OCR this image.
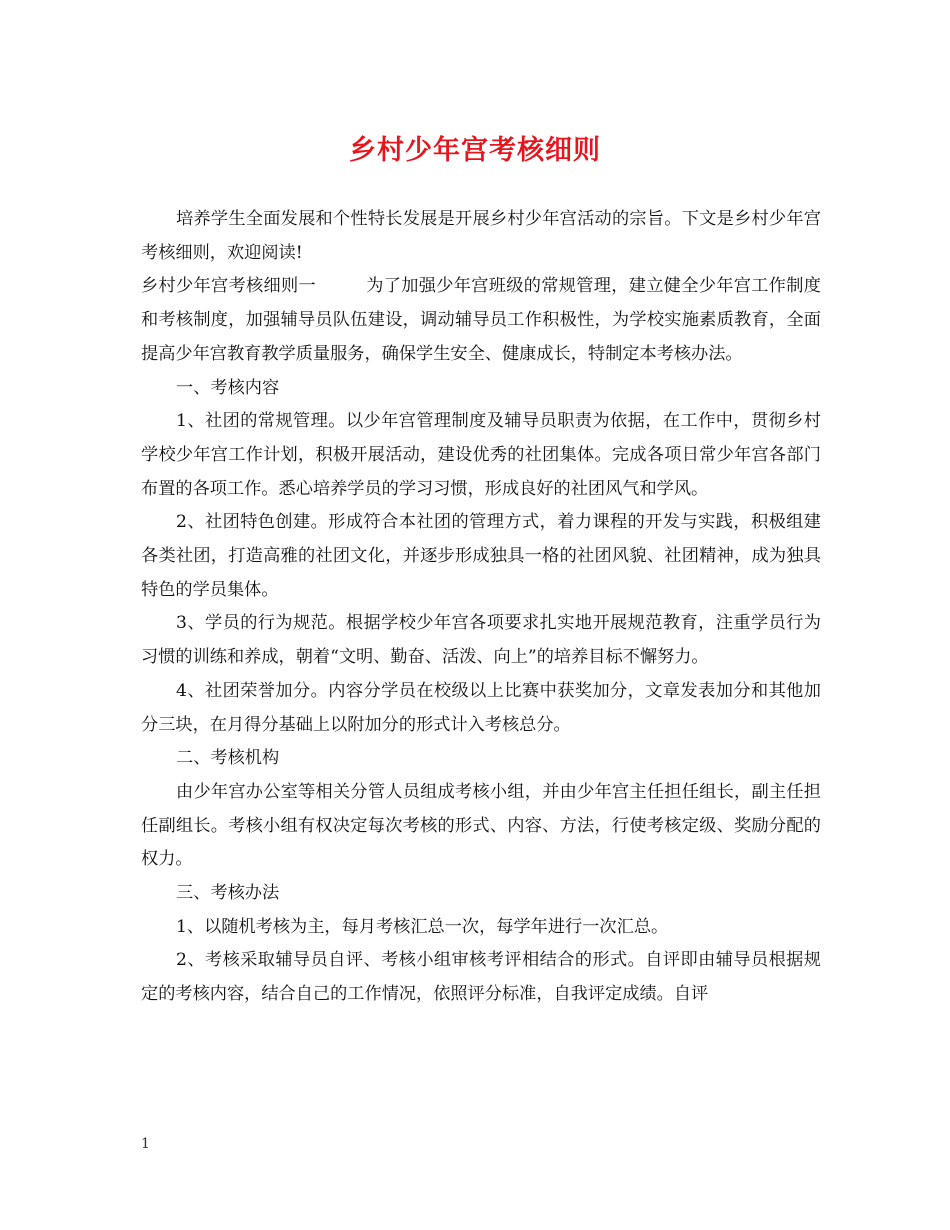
乡村少年宫考核细则

培养学生全面发展和个性特长发展是开展乡村少年宫活动的宗旨。下文是乡村少年宫考核细则，欢迎阅读!

乡村少年宫考核细则一	为了加强少年宫班级的常规管理，建立健全少年宫工作制度和考核制度，加强辅导员队伍建设，调动辅导员工作积极性，为学校实施素质教育，全面提高少年宫教育教学质量服务，确保学生安全、健康成长，特制定本考核办法。

一、考核内容

1、社团的常规管理。以少年宫管理制度及辅导员职责为依据，在工作中，贯彻乡村学校少年宫工作计划，积极开展活动，建设优秀的社团集体。完成各项日常少年宫各部门布置的各项工作。悉心培养学员的学习习惯，形成良好的社团风气和学风。

2、社团特色创建。形成符合本社团的管理方式，着力课程的开发与实践，积极组建各类社团，打造高雅的社团文化，并逐步形成独具一格的社团风貌、社团精神，成为独具特色的学员集体。

3、学员的行为规范。根据学校少年宫各项要求扎实地开展规范教育，注重学员行为习惯的训练和养成，朝着“文明、勤奋、活泼、向上”的培养目标不懈努力。

4、社团荣誉加分。内容分学员在校级以上比赛中获奖加分，文章发表加分和其他加分三块，在月得分基础上以附加分的形式计入考核总分。

二、考核机构

由少年宫办公室等相关分管人员组成考核小组，并由少年宫主任担任组长，副主任担任副组长。考核小组有权决定每次考核的形式、内容、方法，行使考核定级、奖励分配的权力。

三、考核办法

1、以随机考核为主，每月考核汇总一次，每学年进行一次汇总。

2、考核采取辅导员自评、考核小组审核考评相结合的形式。自评即由辅导员根据规定的考核内容，结合自己的工作情况，依照评分标准，自我评定成绩。自评

1
